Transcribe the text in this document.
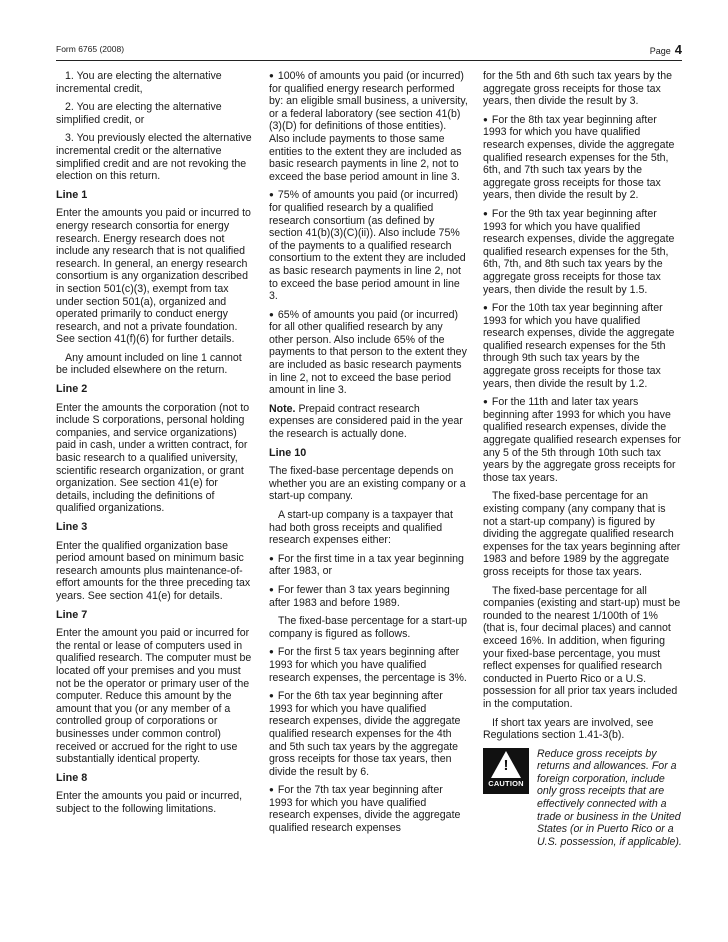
Form 6765 (2008)	Page 4

1. You are electing the alternative incremental credit,

2. You are electing the alternative simplified credit, or

3. You previously elected the alternative incremental credit or the alternative simplified credit and are not revoking the election on this return.

Line 1

Enter the amounts you paid or incurred to energy research consortia for energy research. Energy research does not include any research that is not qualified research. In general, an energy research consortium is any organization described in section 501(c)(3), exempt from tax under section 501(a), organized and operated primarily to conduct energy research, and not a private foundation. See section 41(f)(6) for further details.

Any amount included on line 1 cannot be included elsewhere on the return.

Line 2

Enter the amounts the corporation (not to include S corporations, personal holding companies, and service organizations) paid in cash, under a written contract, for basic research to a qualified university, scientific research organization, or grant organization. See section 41(e) for details, including the definitions of qualified organizations.

Line 3

Enter the qualified organization base period amount based on minimum basic research amounts plus maintenance-of-effort amounts for the three preceding tax years. See section 41(e) for details.

Line 7

Enter the amount you paid or incurred for the rental or lease of computers used in qualified research. The computer must be located off your premises and you must not be the operator or primary user of the computer. Reduce this amount by the amount that you (or any member of a controlled group of corporations or businesses under common control) received or accrued for the right to use substantially identical property.

Line 8

Enter the amounts you paid or incurred, subject to the following limitations.

● 100% of amounts you paid (or incurred) for qualified energy research performed by: an eligible small business, a university, or a federal laboratory (see section 41(b)(3)(D) for definitions of those entities). Also include payments to those same entities to the extent they are included as basic research payments in line 2, not to exceed the base period amount in line 3.

● 75% of amounts you paid (or incurred) for qualified research by a qualified research consortium (as defined by section 41(b)(3)(C)(ii)). Also include 75% of the payments to a qualified research consortium to the extent they are included as basic research payments in line 2, not to exceed the base period amount in line 3.

● 65% of amounts you paid (or incurred) for all other qualified research by any other person. Also include 65% of the payments to that person to the extent they are included as basic research payments in line 2, not to exceed the base period amount in line 3.

Note. Prepaid contract research expenses are considered paid in the year the research is actually done.

Line 10

The fixed-base percentage depends on whether you are an existing company or a start-up company.

A start-up company is a taxpayer that had both gross receipts and qualified research expenses either:

● For the first time in a tax year beginning after 1983, or

● For fewer than 3 tax years beginning after 1983 and before 1989.

The fixed-base percentage for a start-up company is figured as follows.

● For the first 5 tax years beginning after 1993 for which you have qualified research expenses, the percentage is 3%.

● For the 6th tax year beginning after 1993 for which you have qualified research expenses, divide the aggregate qualified research expenses for the 4th and 5th such tax years by the aggregate gross receipts for those tax years, then divide the result by 6.

● For the 7th tax year beginning after 1993 for which you have qualified research expenses, divide the aggregate qualified research expenses

for the 5th and 6th such tax years by the aggregate gross receipts for those tax years, then divide the result by 3.

● For the 8th tax year beginning after 1993 for which you have qualified research expenses, divide the aggregate qualified research expenses for the 5th, 6th, and 7th such tax years by the aggregate gross receipts for those tax years, then divide the result by 2.

● For the 9th tax year beginning after 1993 for which you have qualified research expenses, divide the aggregate qualified research expenses for the 5th, 6th, 7th, and 8th such tax years by the aggregate gross receipts for those tax years, then divide the result by 1.5.

● For the 10th tax year beginning after 1993 for which you have qualified research expenses, divide the aggregate qualified research expenses for the 5th through 9th such tax years by the aggregate gross receipts for those tax years, then divide the result by 1.2.

● For the 11th and later tax years beginning after 1993 for which you have qualified research expenses, divide the aggregate qualified research expenses for any 5 of the 5th through 10th such tax years by the aggregate gross receipts for those tax years.

The fixed-base percentage for an existing company (any company that is not a start-up company) is figured by dividing the aggregate qualified research expenses for the tax years beginning after 1983 and before 1989 by the aggregate gross receipts for those tax years.

The fixed-base percentage for all companies (existing and start-up) must be rounded to the nearest 1/100th of 1% (that is, four decimal places) and cannot exceed 16%. In addition, when figuring your fixed-base percentage, you must reflect expenses for qualified research conducted in Puerto Rico or a U.S. possession for all prior tax years included in the computation.

If short tax years are involved, see Regulations section 1.41-3(b).

!
CAUTION
Reduce gross receipts by returns and allowances. For a foreign corporation, include only gross receipts that are effectively connected with a trade or business in the United States (or in Puerto Rico or a U.S. possession, if applicable).
